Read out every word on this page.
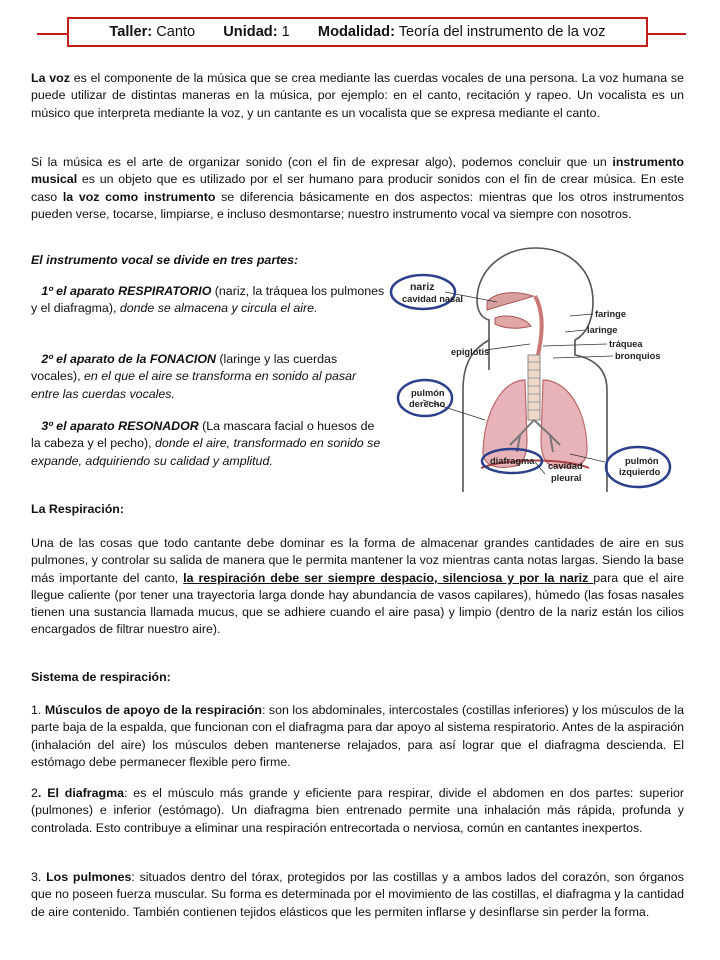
Taller: Canto Unidad: 1 Modalidad: Teoría del instrumento de la voz

La voz es el componente de la música que se crea mediante las cuerdas vocales de una persona. La voz humana se puede utilizar de distintas maneras en la música, por ejemplo: en el canto, recitación y rapeo. Un vocalista es un músico que interpreta mediante la voz, y un cantante es un vocalista que se expresa mediante el canto.

Si la música es el arte de organizar sonido (con el fin de expresar algo), podemos concluir que un instrumento musical es un objeto que es utilizado por el ser humano para producir sonidos con el fin de crear música. En este caso la voz como instrumento se diferencia básicamente en dos aspectos: mientras que los otros instrumentos pueden verse, tocarse, limpiarse, e incluso desmontarse; nuestro instrumento vocal va siempre con nosotros.

El instrumento vocal se divide en tres partes:

1º el aparato RESPIRATORIO (nariz, la tráquea los pulmones y el diafragma), donde se almacena y circula el aire.

2º el aparato de la FONACION (laringe y las cuerdas vocales), en el que el aire se transforma en sonido al pasar entre las cuerdas vocales.

3º el aparato RESONADOR (La mascara facial o huesos de la cabeza y el pecho), donde el aire, transformado en sonido se expande, adquiriendo su calidad y amplitud.

nariz
cavidad nasal
faringe
laringe
tráquea
bronquios
epiglotis
pulmón
derecho
diafragma cavidad
pleural
pulmón
izquierdo

La Respiración:

Una de las cosas que todo cantante debe dominar es la forma de almacenar grandes cantidades de aire en sus pulmones, y controlar su salida de manera que le permita mantener la voz mientras canta notas largas. Siendo la base más importante del canto, la respiración debe ser siempre despacio, silenciosa y por la nariz para que el aire llegue caliente (por tener una trayectoria larga donde hay abundancia de vasos capilares), húmedo (las fosas nasales tienen una sustancia llamada mucus, que se adhiere cuando el aire pasa) y limpio (dentro de la nariz están los cilios encargados de filtrar nuestro aire).

Sistema de respiración:

1. Músculos de apoyo de la respiración: son los abdominales, intercostales (costillas inferiores) y los músculos de la parte baja de la espalda, que funcionan con el diafragma para dar apoyo al sistema respiratorio. Antes de la aspiración (inhalación del aire) los músculos deben mantenerse relajados, para así lograr que el diafragma descienda. El estómago debe permanecer flexible pero firme.

2. El diafragma: es el músculo más grande y eficiente para respirar, divide el abdomen en dos partes: superior (pulmones) e inferior (estómago). Un diafragma bien entrenado permite una inhalación más rápida, profunda y controlada. Esto contribuye a eliminar una respiración entrecortada o nerviosa, común en cantantes inexpertos.

3. Los pulmones: situados dentro del tórax, protegidos por las costillas y a ambos lados del corazón, son órganos que no poseen fuerza muscular. Su forma es determinada por el movimiento de las costillas, el diafragma y la cantidad de aire contenido. También contienen tejidos elásticos que les permiten inflarse y desinflarse sin perder la forma.
